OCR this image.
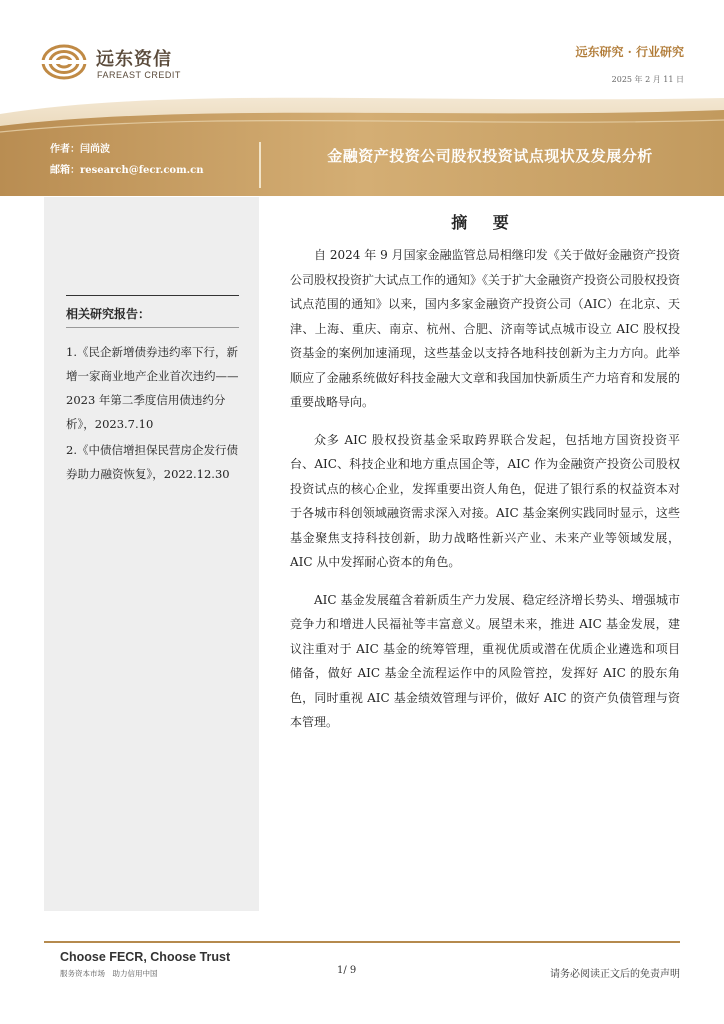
远东资信
FAREAST CREDIT
远东研究 · 行业研究
2025 年 2 月 11 日
作者：闫尚波
邮箱：research@fecr.com.cn
金融资产投资公司股权投资试点现状及发展分析
相关研究报告：
1.《民企新增债券违约率下行，新增一家商业地产企业首次违约——2023 年第二季度信用债违约分析》，2023.7.10
2.《中债信增担保民营房企发行债券助力融资恢复》，2022.12.30
摘 要

自 2024 年 9 月国家金融监管总局相继印发《关于做好金融资产投资公司股权投资扩大试点工作的通知》《关于扩大金融资产投资公司股权投资试点范围的通知》以来，国内多家金融资产投资公司（AIC）在北京、天津、上海、重庆、南京、杭州、合肥、济南等试点城市设立 AIC 股权投资基金的案例加速涌现，这些基金以支持各地科技创新为主力方向。此举顺应了金融系统做好科技金融大文章和我国加快新质生产力培育和发展的重要战略导向。

众多 AIC 股权投资基金采取跨界联合发起，包括地方国资投资平台、AIC、科技企业和地方重点国企等，AIC 作为金融资产投资公司股权投资试点的核心企业，发挥重要出资人角色，促进了银行系的权益资本对于各城市科创领域融资需求深入对接。AIC 基金案例实践同时显示，这些基金聚焦支持科技创新，助力战略性新兴产业、未来产业等领域发展，AIC 从中发挥耐心资本的角色。

AIC 基金发展蕴含着新质生产力发展、稳定经济增长势头、增强城市竞争力和增进人民福祉等丰富意义。展望未来，推进 AIC 基金发展，建议注重对于 AIC 基金的统筹管理，重视优质或潜在优质企业遴选和项目储备，做好 AIC 基金全流程运作中的风险管控，发挥好 AIC 的股东角色，同时重视 AIC 基金绩效管理与评价，做好 AIC 的资产负债管理与资本管理。

Choose FECR, Choose Trust
服务资本市场　助力信用中国	1/ 9	请务必阅读正文后的免责声明
